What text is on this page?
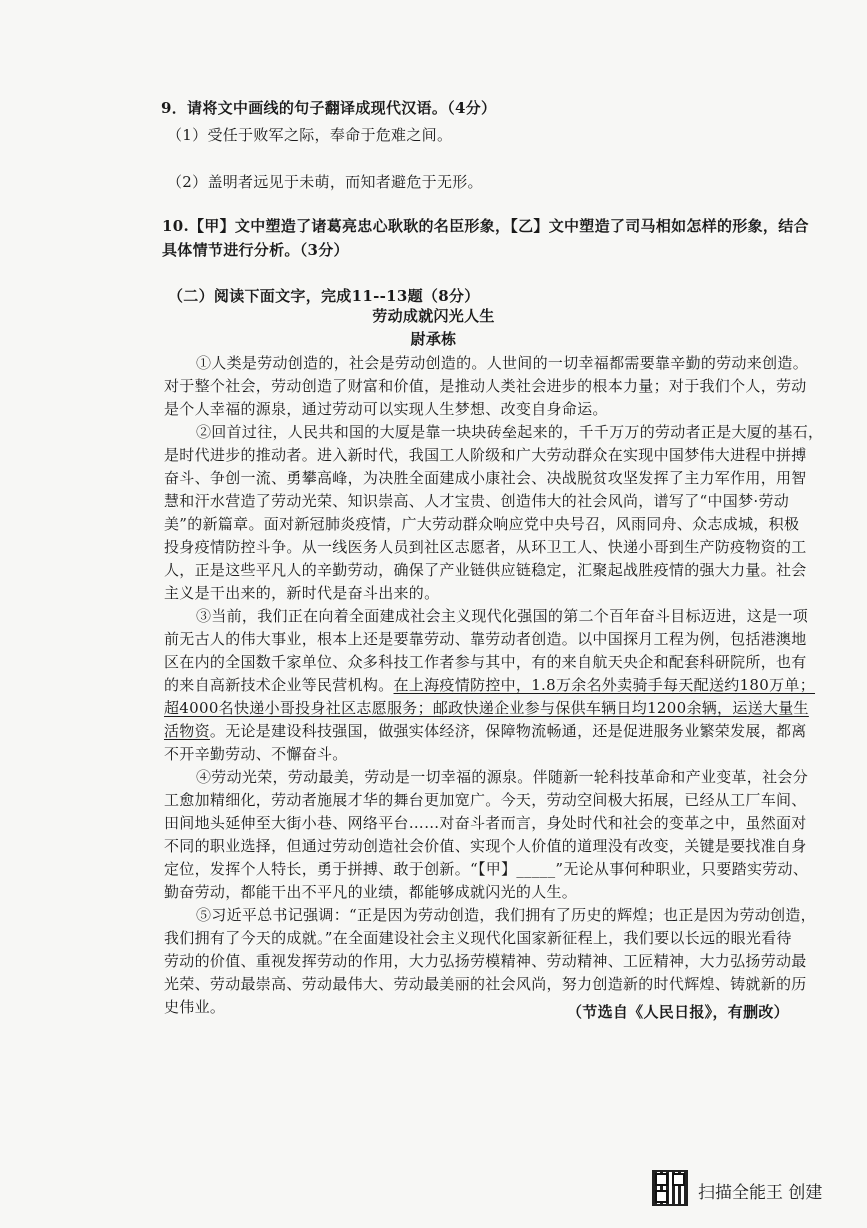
9．请将文中画线的句子翻译成现代汉语。（4分）
（1）受任于败军之际，奉命于危难之间。
（2）盖明者远见于未萌，而知者避危于无形。
10.【甲】文中塑造了诸葛亮忠心耿耿的名臣形象，【乙】文中塑造了司马相如怎样的形象，结合
具体情节进行分析。（3分）
（二）阅读下面文字，完成11--13题（8分）
劳动成就闪光人生
尉承栋
①人类是劳动创造的，社会是劳动创造的。人世间的一切幸福都需要靠辛勤的劳动来创造。
对于整个社会，劳动创造了财富和价值，是推动人类社会进步的根本力量；对于我们个人，劳动
是个人幸福的源泉，通过劳动可以实现人生梦想、改变自身命运。
②回首过往，人民共和国的大厦是靠一块块砖垒起来的，千千万万的劳动者正是大厦的基石，
是时代进步的推动者。进入新时代，我国工人阶级和广大劳动群众在实现中国梦伟大进程中拼搏
奋斗、争创一流、勇攀高峰，为决胜全面建成小康社会、决战脱贫攻坚发挥了主力军作用，用智
慧和汗水营造了劳动光荣、知识崇高、人才宝贵、创造伟大的社会风尚，谱写了“中国梦·劳动
美”的新篇章。面对新冠肺炎疫情，广大劳动群众响应党中央号召，风雨同舟、众志成城，积极
投身疫情防控斗争。从一线医务人员到社区志愿者，从环卫工人、快递小哥到生产防疫物资的工
人，正是这些平凡人的辛勤劳动，确保了产业链供应链稳定，汇聚起战胜疫情的强大力量。社会
主义是干出来的，新时代是奋斗出来的。
③当前，我们正在向着全面建成社会主义现代化强国的第二个百年奋斗目标迈进，这是一项
前无古人的伟大事业，根本上还是要靠劳动、靠劳动者创造。以中国探月工程为例，包括港澳地
区在内的全国数千家单位、众多科技工作者参与其中，有的来自航天央企和配套科研院所，也有
的来自高新技术企业等民营机构。在上海疫情防控中，1.8万余名外卖骑手每天配送约180万单；
超4000名快递小哥投身社区志愿服务；邮政快递企业参与保供车辆日均1200余辆，运送大量生
活物资。无论是建设科技强国，做强实体经济，保障物流畅通，还是促进服务业繁荣发展，都离
不开辛勤劳动、不懈奋斗。
④劳动光荣，劳动最美，劳动是一切幸福的源泉。伴随新一轮科技革命和产业变革，社会分
工愈加精细化，劳动者施展才华的舞台更加宽广。今天，劳动空间极大拓展，已经从工厂车间、
田间地头延伸至大街小巷、网络平台……对奋斗者而言，身处时代和社会的变革之中，虽然面对
不同的职业选择，但通过劳动创造社会价值、实现个人价值的道理没有改变，关键是要找准自身
定位，发挥个人特长，勇于拼搏、敢于创新。“【甲】_____”无论从事何种职业，只要踏实劳动、
勤奋劳动，都能干出不平凡的业绩，都能够成就闪光的人生。
⑤习近平总书记强调：“正是因为劳动创造，我们拥有了历史的辉煌；也正是因为劳动创造，
我们拥有了今天的成就。”在全面建设社会主义现代化国家新征程上，我们要以长远的眼光看待
劳动的价值、重视发挥劳动的作用，大力弘扬劳模精神、劳动精神、工匠精神，大力弘扬劳动最
光荣、劳动最崇高、劳动最伟大、劳动最美丽的社会风尚，努力创造新的时代辉煌、铸就新的历
史伟业。	（节选自《人民日报》，有删改）
扫描全能王 创建
